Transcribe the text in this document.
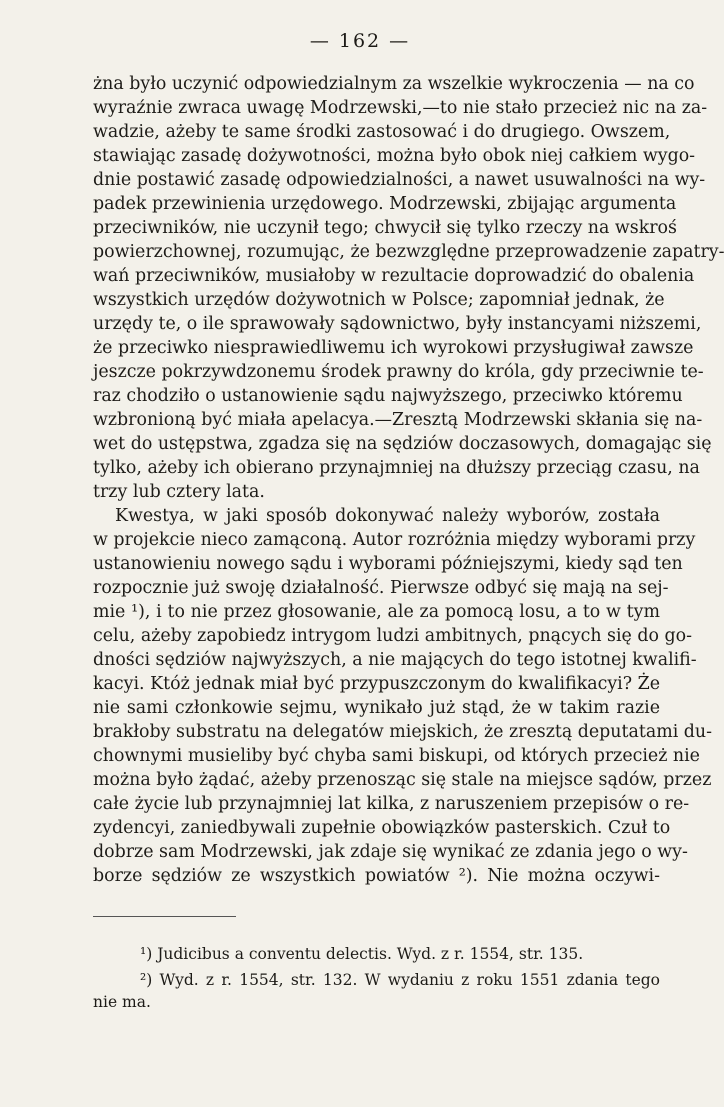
— 162 —
żna było uczynić odpowiedzialnym za wszelkie wykroczenia — na co
wyraźnie zwraca uwagę Modrzewski,—to nie stało przecież nic na za-
wadzie, ażeby te same środki zastosować i do drugiego. Owszem,
stawiając zasadę dożywotności, można było obok niej całkiem wygo-
dnie postawić zasadę odpowiedzialności, a nawet usuwalności na wy-
padek przewinienia urzędowego. Modrzewski, zbijając argumenta
przeciwników, nie uczynił tego; chwycił się tylko rzeczy na wskroś
powierzchownej, rozumując, że bezwzględne przeprowadzenie zapatry-
wań przeciwników, musiałoby w rezultacie doprowadzić do obalenia
wszystkich urzędów dożywotnich w Polsce; zapomniał jednak, że
urzędy te, o ile sprawowały sądownictwo, były instancyami niższemi,
że przeciwko niesprawiedliwemu ich wyrokowi przysługiwał zawsze
jeszcze pokrzywdzonemu środek prawny do króla, gdy przeciwnie te-
raz chodziło o ustanowienie sądu najwyższego, przeciwko któremu
wzbronioną być miała apelacya.—Zresztą Modrzewski skłania się na-
wet do ustępstwa, zgadza się na sędziów doczasowych, domagając się
tylko, ażeby ich obierano przynajmniej na dłuższy przeciąg czasu, na
trzy lub cztery lata.
Kwestya, w jaki sposób dokonywać należy wyborów, została
w projekcie nieco zamąconą. Autor rozróżnia między wyborami przy
ustanowieniu nowego sądu i wyborami późniejszymi, kiedy sąd ten
rozpocznie już swoję działalność. Pierwsze odbyć się mają na sej-
mie ¹), i to nie przez głosowanie, ale za pomocą losu, a to w tym
celu, ażeby zapobiedz intrygom ludzi ambitnych, pnących się do go-
dności sędziów najwyższych, a nie mających do tego istotnej kwalifi-
kacyi. Któż jednak miał być przypuszczonym do kwalifikacyi? Że
nie sami członkowie sejmu, wynikało już stąd, że w takim razie
brakłoby substratu na delegatów miejskich, że zresztą deputatami du-
chownymi musieliby być chyba sami biskupi, od których przecież nie
można było żądać, ażeby przenosząc się stale na miejsce sądów, przez
całe życie lub przynajmniej lat kilka, z naruszeniem przepisów o re-
zydencyi, zaniedbywali zupełnie obowiązków pasterskich. Czuł to
dobrze sam Modrzewski, jak zdaje się wynikać ze zdania jego o wy-
borze sędziów ze wszystkich powiatów ²). Nie można oczywi-
¹) Judicibus a conventu delectis. Wyd. z r. 1554, str. 135.
²) Wyd. z r. 1554, str. 132. W wydaniu z roku 1551 zdania tego
nie ma.
